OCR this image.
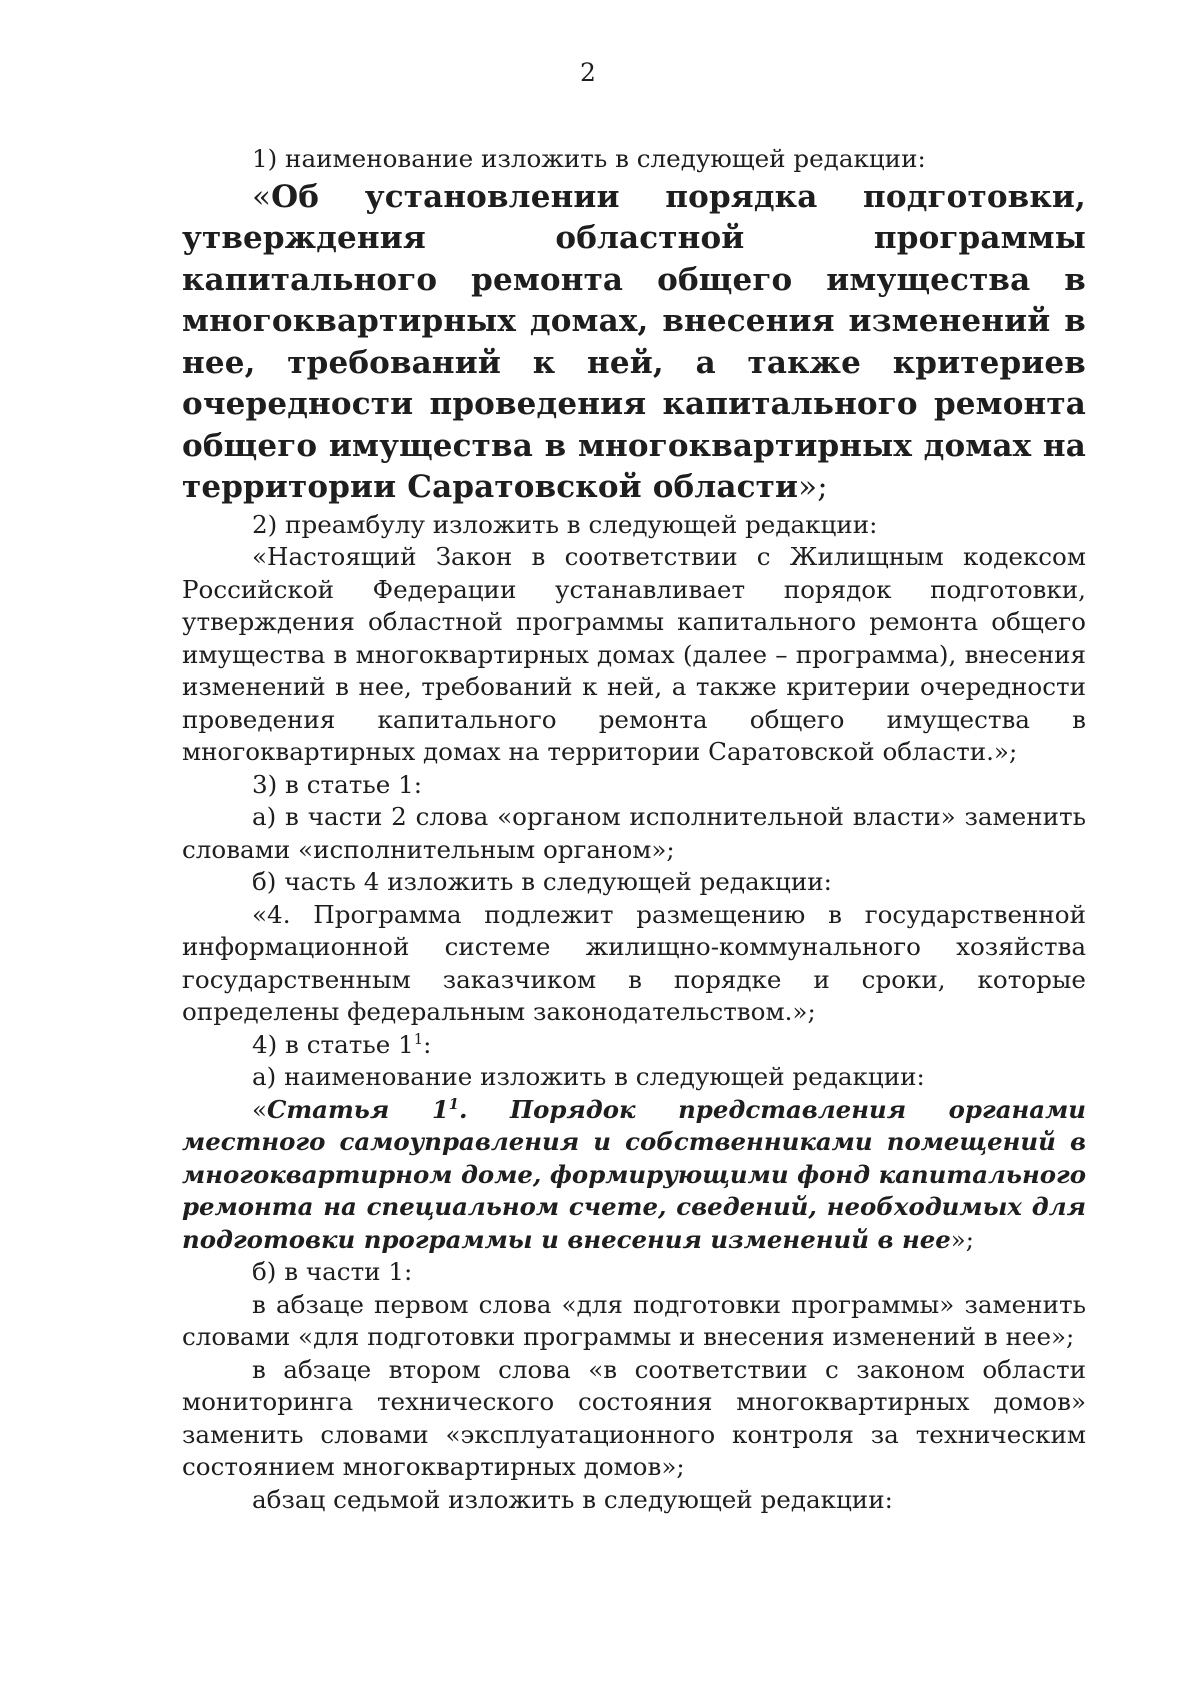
2

1) наименование изложить в следующей редакции:

«Об установлении порядка подготовки, утверждения областной программы капитального ремонта общего имущества в многоквартирных домах, внесения изменений в нее, требований к ней, а также критериев очередности проведения капитального ремонта общего имущества в многоквартирных домах на территории Саратовской области»;

2) преамбулу изложить в следующей редакции:

«Настоящий Закон в соответствии с Жилищным кодексом Российской Федерации устанавливает порядок подготовки, утверждения областной программы капитального ремонта общего имущества в многоквартирных домах (далее – программа), внесения изменений в нее, требований к ней, а также критерии очередности проведения капитального ремонта общего имущества в многоквартирных домах на территории Саратовской области.»;

3) в статье 1:

а) в части 2 слова «органом исполнительной власти» заменить словами «исполнительным органом»;

б) часть 4 изложить в следующей редакции:

«4. Программа подлежит размещению в государственной информационной системе жилищно-коммунального хозяйства государственным заказчиком в порядке и сроки, которые определены федеральным законодательством.»;

4) в статье $1^1$:

а) наименование изложить в следующей редакции:

«Статья $1^1$. Порядок представления органами местного самоуправления и собственниками помещений в многоквартирном доме, формирующими фонд капитального ремонта на специальном счете, сведений, необходимых для подготовки программы и внесения изменений в нее»;

б) в части 1:

в абзаце первом слова «для подготовки программы» заменить словами «для подготовки программы и внесения изменений в нее»;

в абзаце втором слова «в соответствии с законом области мониторинга технического состояния многоквартирных домов» заменить словами «эксплуатационного контроля за техническим состоянием многоквартирных домов»;

абзац седьмой изложить в следующей редакции:
